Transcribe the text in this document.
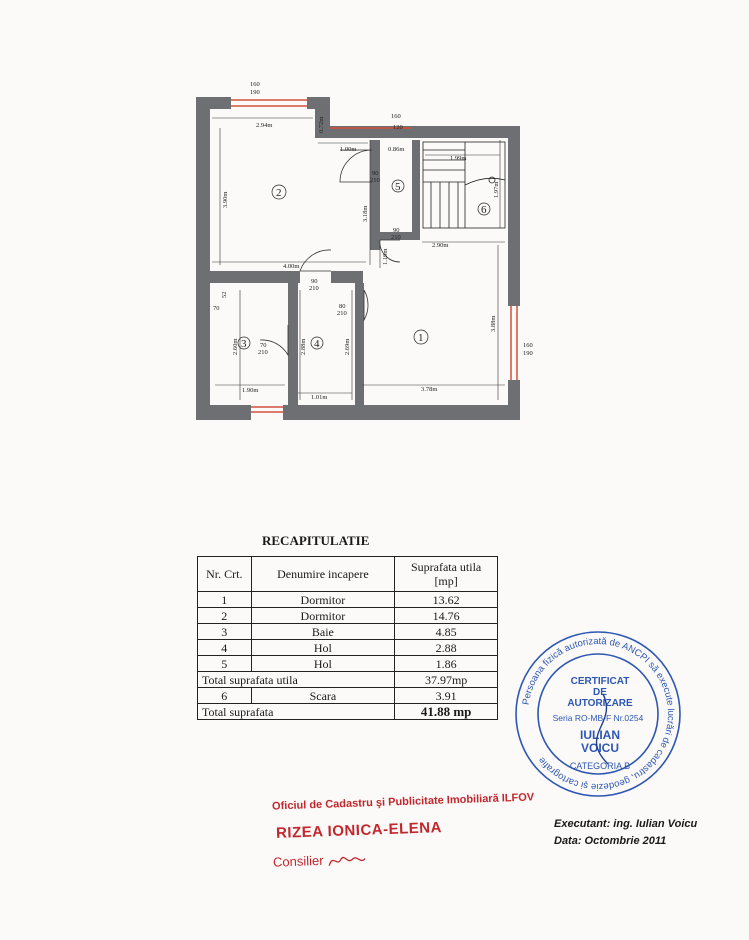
160
190
160
120
160
190
2.94m	0.72m
1.00m	0.86m
1.99m
1.97m
3.90m
3.18m
2.90m
4.00m
1.19m
3.88m
2.60m	2.69m
2.88m
1.90m
1.01m
3.78m
70
52
90
210
90
210
90
210
80
210
70
210
2	5
6
1
3	4
RECAPITULATIE
Nr. Crt.	Denumire incapere	Suprafata utila
[mp]
1	Dormitor	13.62
2	Dormitor	14.76
3	Baie	4.85
4	Hol	2.88
5	Hol	1.86
Total suprafata utila		37.97mp
6	Scara	3.91
Total suprafata		41.88 mp
Persoana fizică autorizată de ANCPI să execute lucrări de cadastru, geodezie şi cartografie
CERTIFICAT
DE
AUTORIZARE
Seria RO-MB-F Nr.0254
IULIAN
VOICU
CATEGORIA B
Oficiul de Cadastru şi Publicitate Imobiliară ILFOV
RIZEA IONICA-ELENA
Consilier
Executant: ing. Iulian Voicu
Data: Octombrie 2011
